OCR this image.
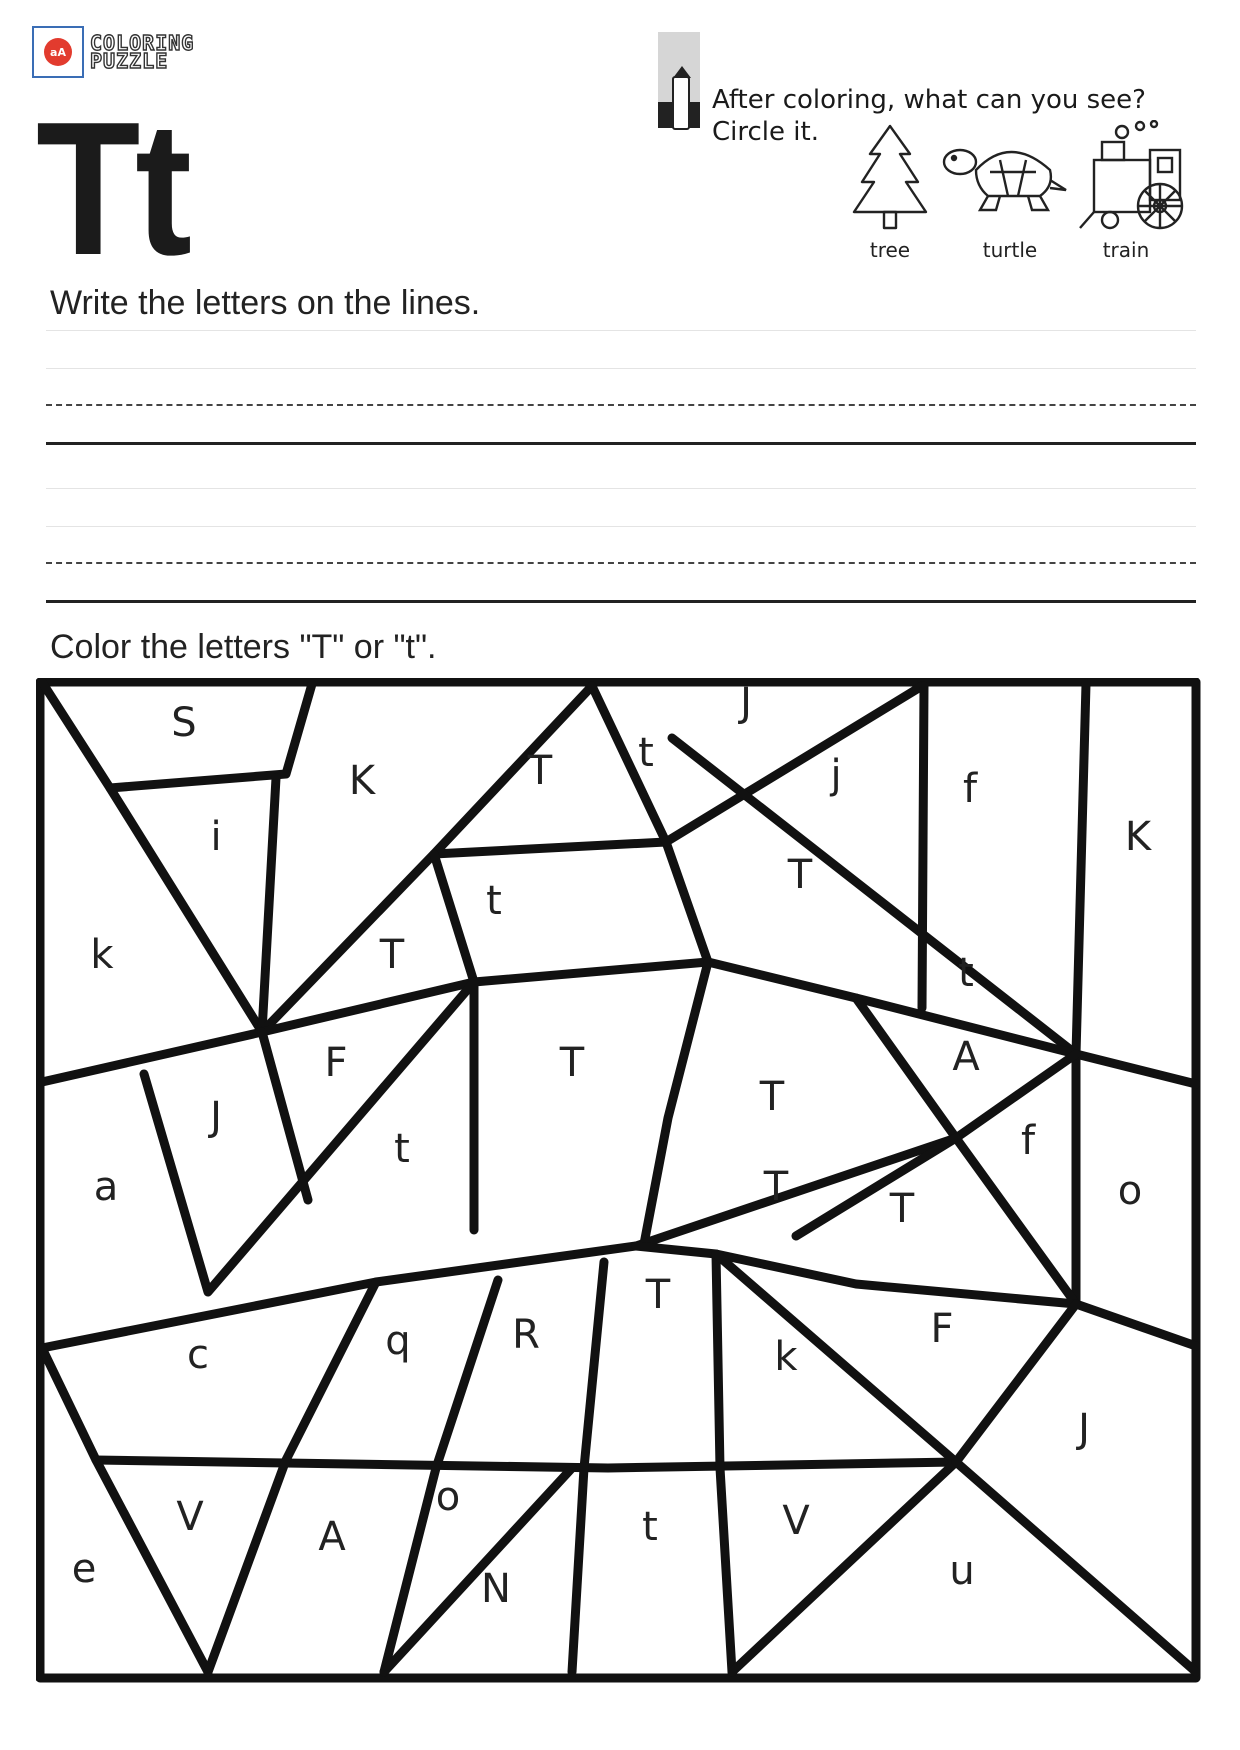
aA	COLORING
PUZZLE
Tt	After coloring, what can you see?
Circle it.
tree	turtle	train
Write the letters on the lines.
Color the letters "T" or "t".
S
K	T t
J
j	f
K
i
t
T
k	T	t
T
F
J
t
T
T
A
f
a	T	o
c	q	R
T
k
F
J
V	A
o
N
t	V
u
e
